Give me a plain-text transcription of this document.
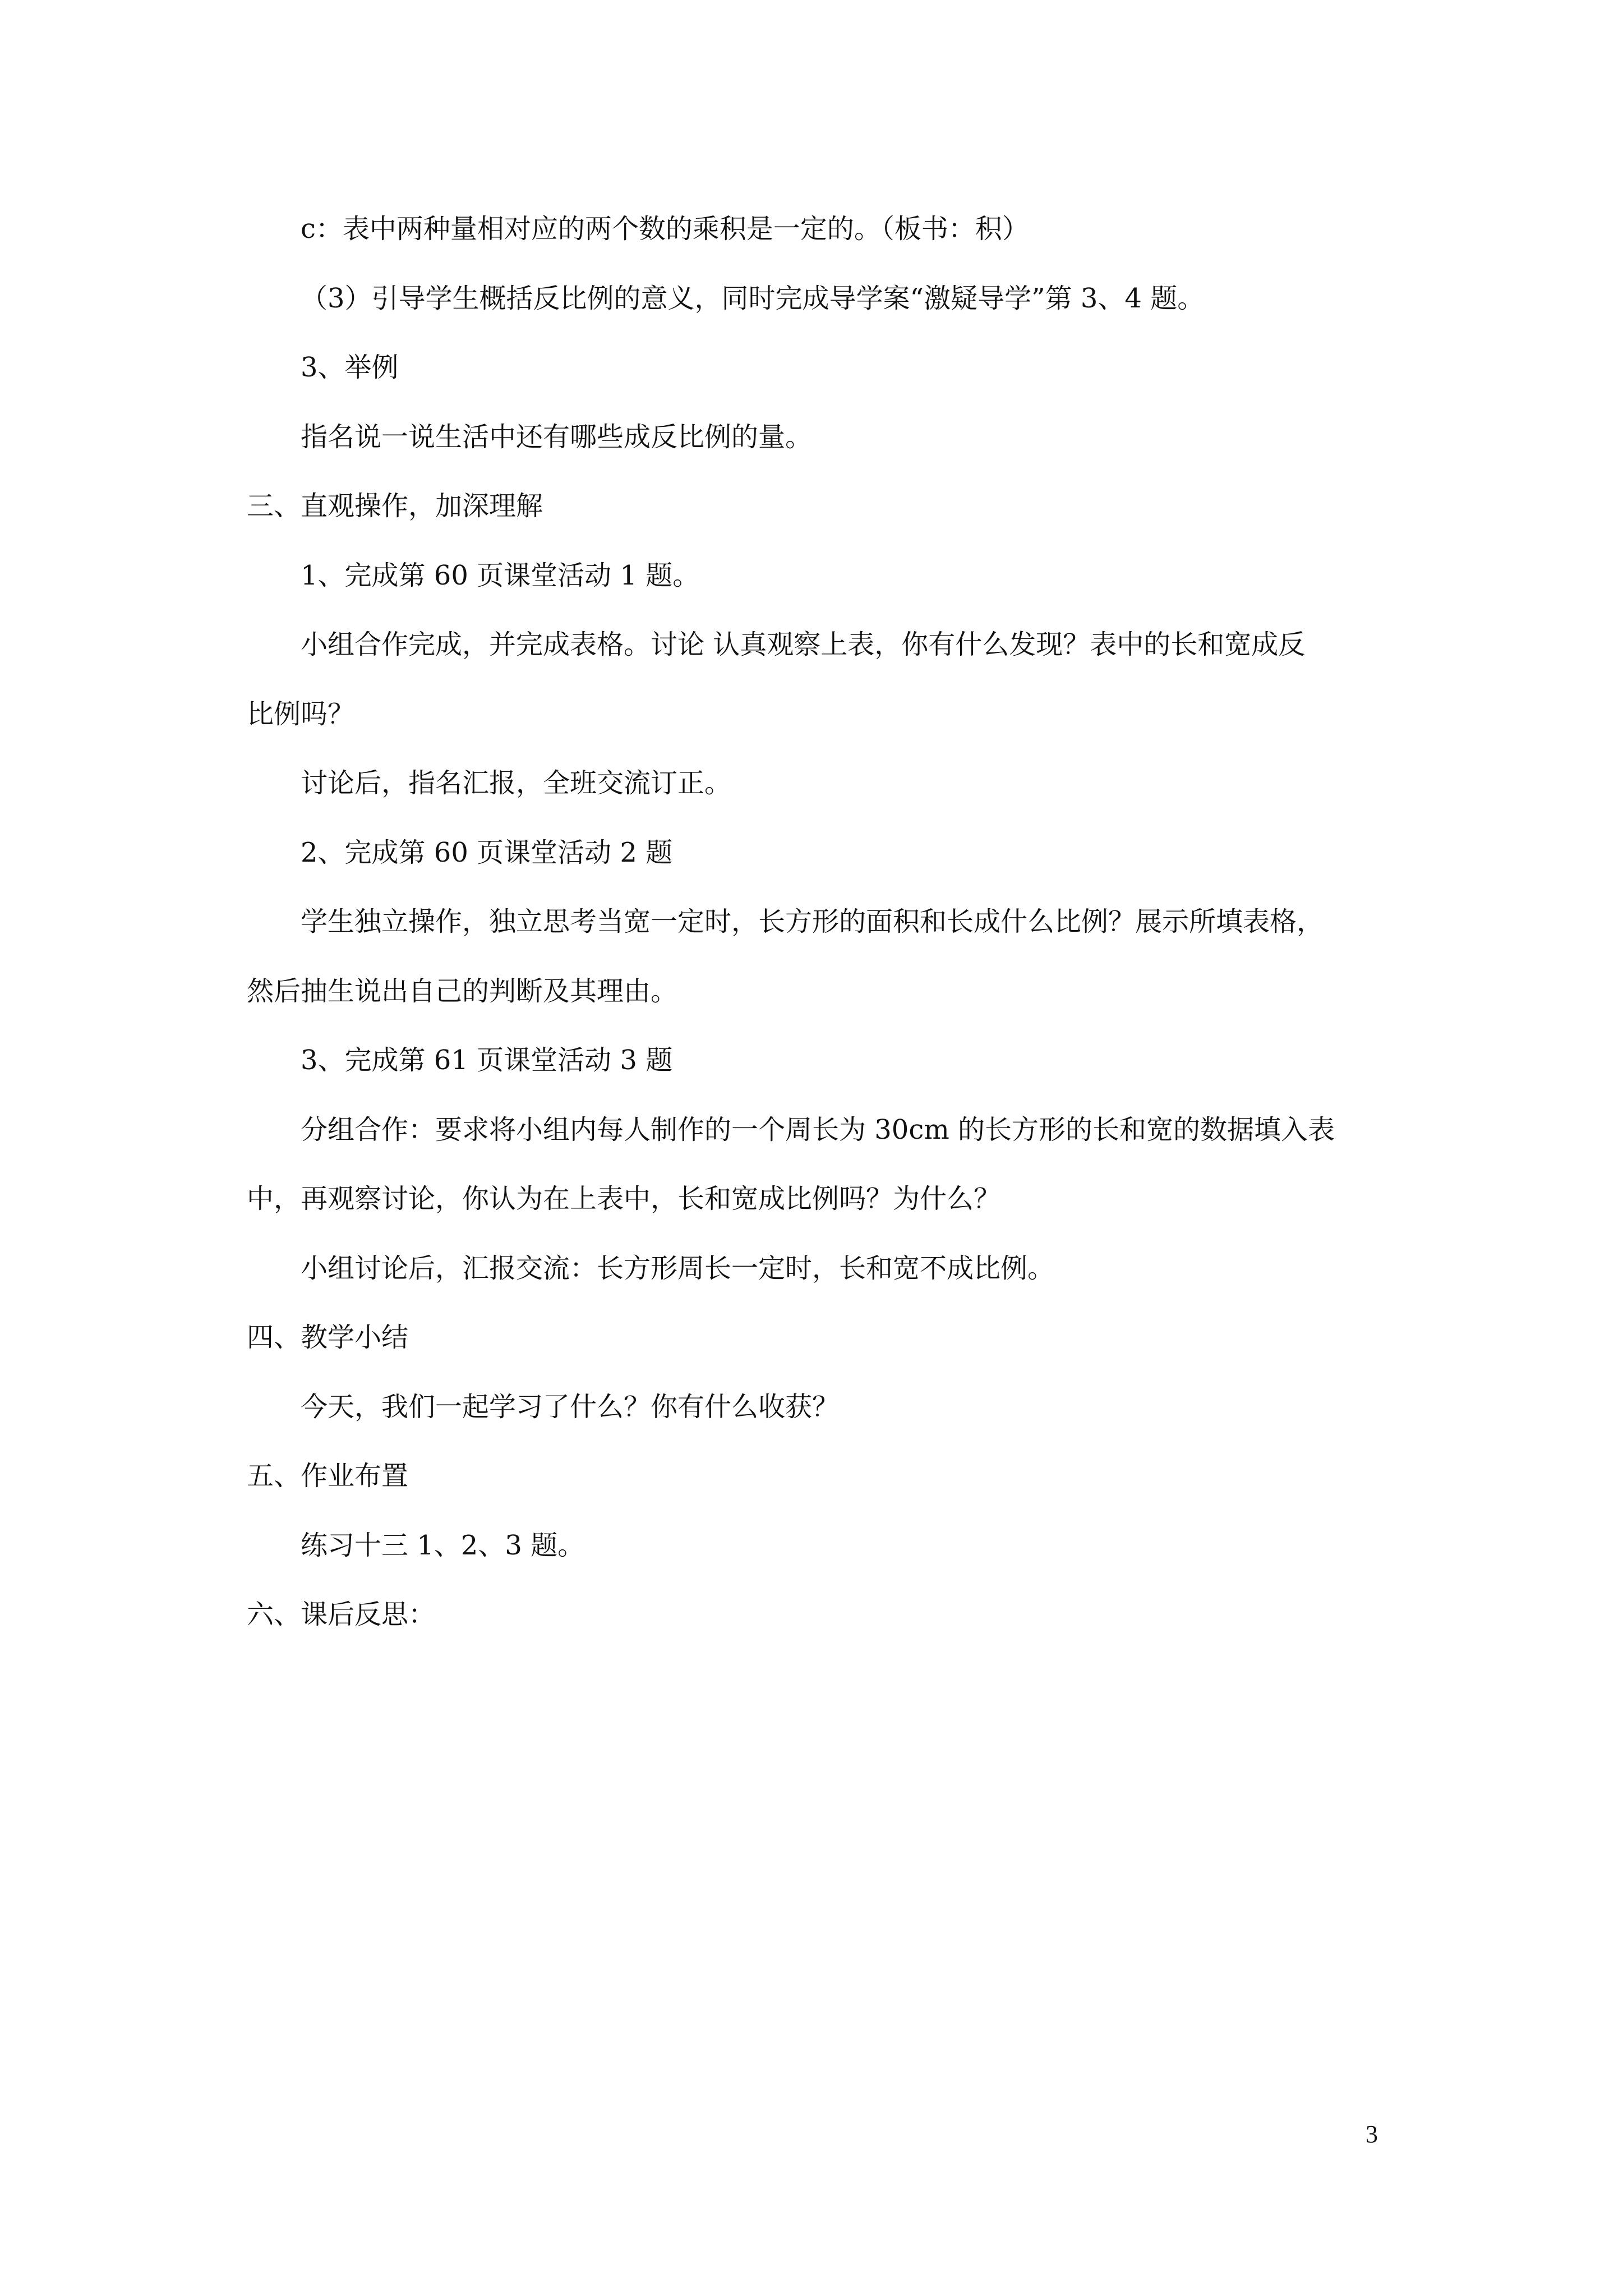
c：表中两种量相对应的两个数的乘积是一定的。（板书：积）
（3）引导学生概括反比例的意义，同时完成导学案“激疑导学”第 3、4 题。
3、举例
指名说一说生活中还有哪些成反比例的量。
三、直观操作，加深理解
1、完成第 60 页课堂活动 1 题。
小组合作完成，并完成表格。讨论 认真观察上表，你有什么发现？表中的长和宽成反
比例吗？
讨论后，指名汇报，全班交流订正。
2、完成第 60 页课堂活动 2 题
学生独立操作，独立思考当宽一定时，长方形的面积和长成什么比例？展示所填表格，
然后抽生说出自己的判断及其理由。
3、完成第 61 页课堂活动 3 题
分组合作：要求将小组内每人制作的一个周长为 30cm 的长方形的长和宽的数据填入表
中，再观察讨论，你认为在上表中，长和宽成比例吗？为什么？
小组讨论后，汇报交流：长方形周长一定时，长和宽不成比例。
四、教学小结
今天，我们一起学习了什么？你有什么收获？
五、作业布置
练习十三 1、2、3 题。
六、课后反思：
3
